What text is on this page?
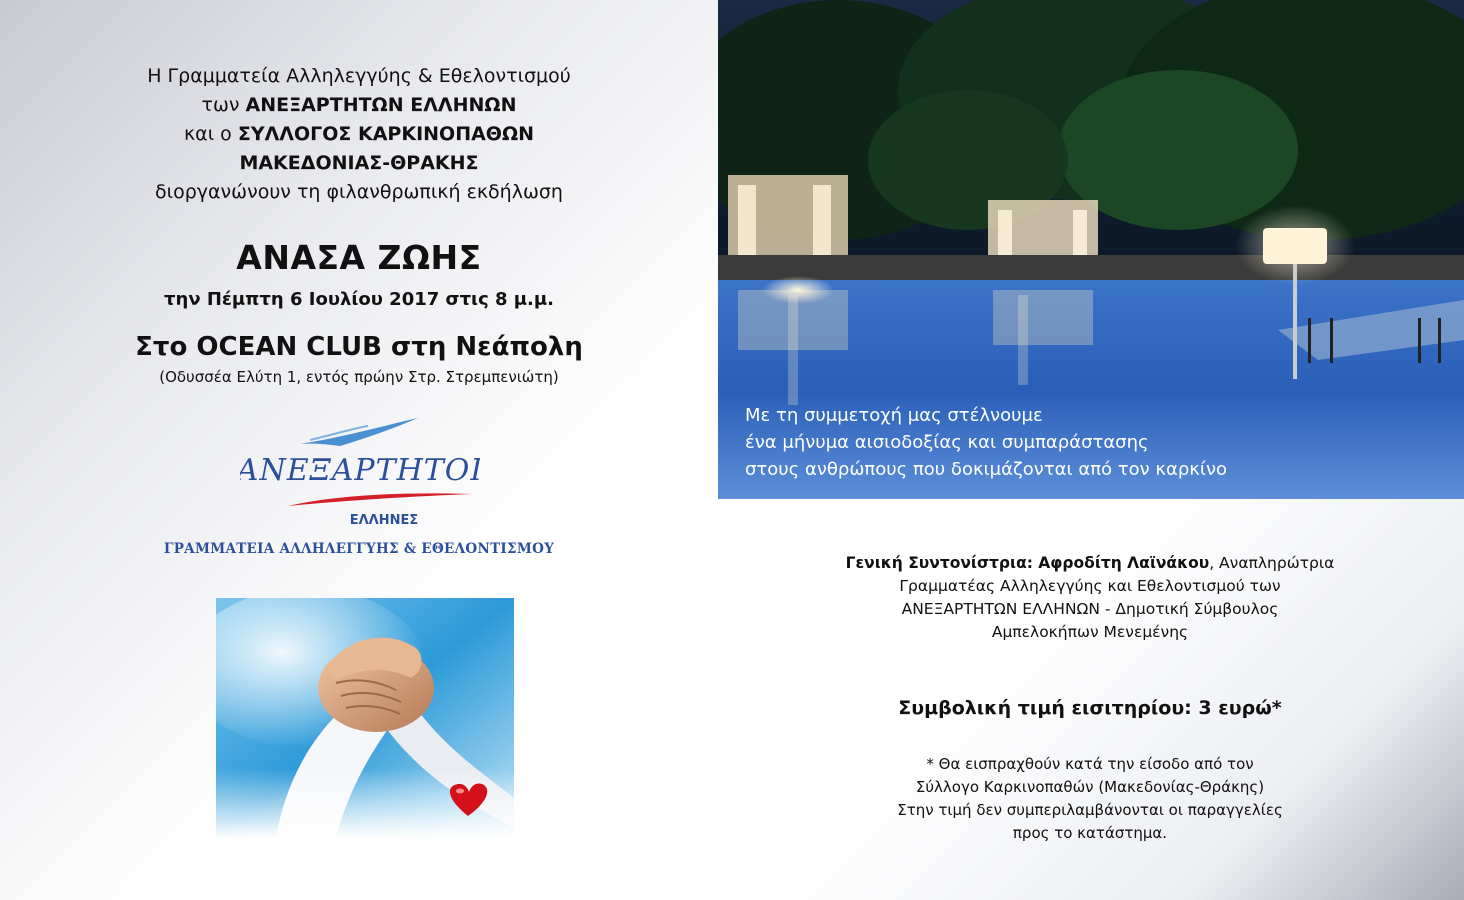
Η Γραμματεία Αλληλεγγύης & Εθελοντισμού
των ΑΝΕΞΑΡΤΗΤΩΝ ΕΛΛΗΝΩΝ
και ο ΣΥΛΛΟΓΟΣ ΚΑΡΚΙΝΟΠΑΘΩΝ
ΜΑΚΕΔΟΝΙΑΣ-ΘΡΑΚΗΣ
διοργανώνουν τη φιλανθρωπική εκδήλωση
ΑΝΑΣΑ ΖΩΗΣ
την Πέμπτη 6 Ιουλίου 2017 στις 8 μ.μ.
Στο OCEAN CLUB στη Νεάπολη
(Οδυσσέα Ελύτη 1, εντός πρώην Στρ. Στρεμπενιώτη)
ΑΝΕΞΑΡΤΗΤΟΙ
ΕΛΛΗΝΕΣ
ΓΡΑΜΜΑΤΕΙΑ ΑΛΛΗΛΕΓΓΥΗΣ & ΕΘΕΛΟΝΤΙΣΜΟΥ
Με τη συμμετοχή μας στέλνουμε
ένα μήνυμα αισιοδοξίας και συμπαράστασης
στους ανθρώπους που δοκιμάζονται από τον καρκίνο
Γενική Συντονίστρια: Αφροδίτη Λαϊνάκου, Αναπληρώτρια
Γραμματέας Αλληλεγγύης και Εθελοντισμού των
ΑΝΕΞΑΡΤΗΤΩΝ ΕΛΛΗΝΩΝ - Δημοτική Σύμβουλος
Αμπελοκήπων Μενεμένης
Συμβολική τιμή εισιτηρίου: 3 ευρώ*
* Θα εισπραχθούν κατά την είσοδο από τον
Σύλλογο Καρκινοπαθών (Μακεδονίας-Θράκης)
Στην τιμή δεν συμπεριλαμβάνονται οι παραγγελίες
προς το κατάστημα.
